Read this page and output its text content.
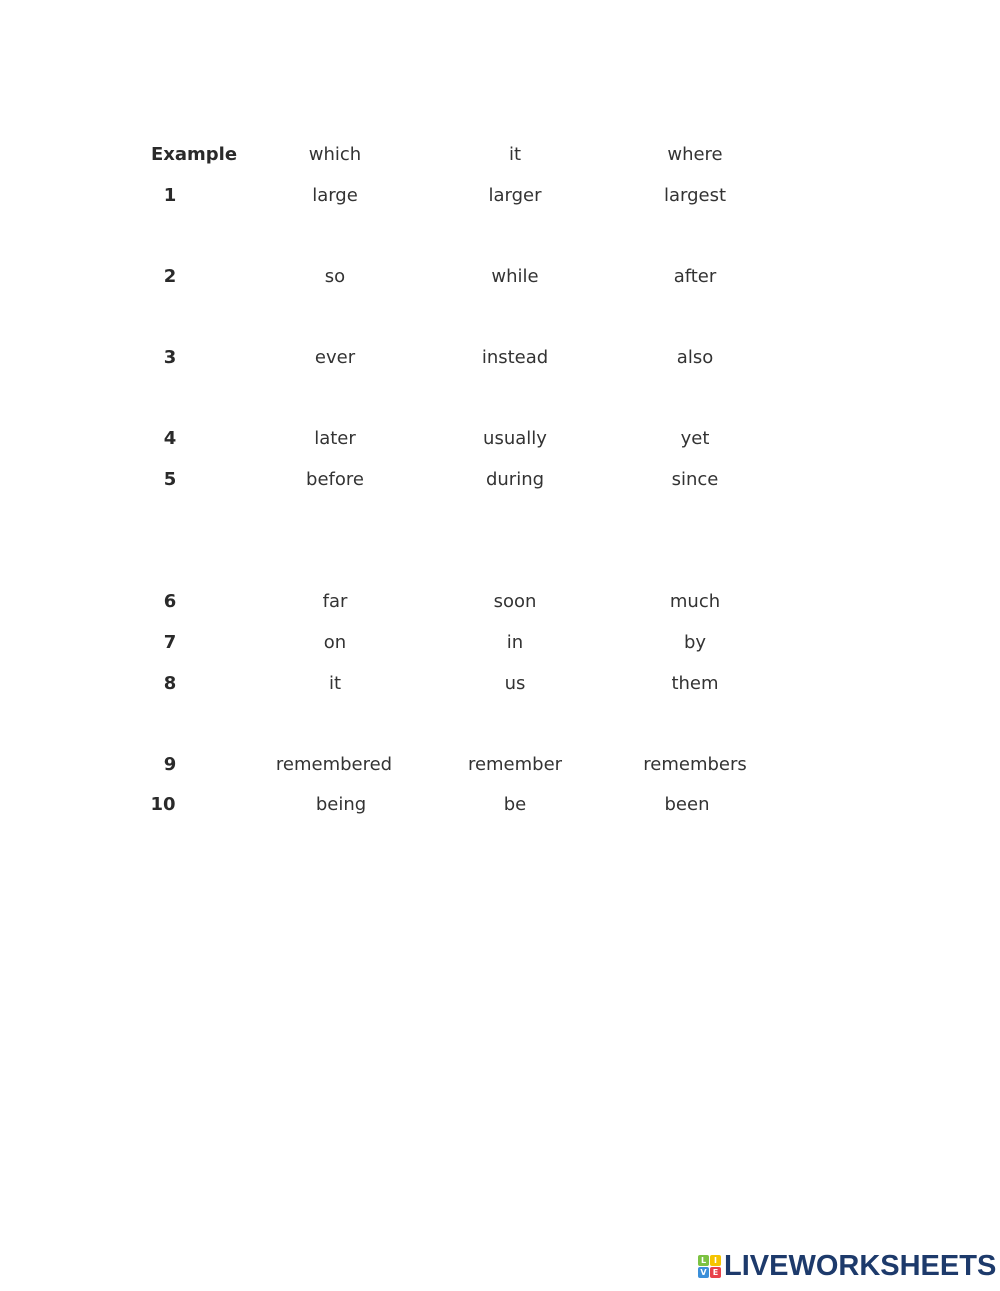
Example	which	it	where
1	large	larger	largest
2	so	while	after
3	ever	instead	also
4	later	usually	yet
5	before	during	since
6	far	soon	much
7	on	in	by
8	it	us	them
9	remembered	remember	remembers
10	being	be	been
L I
V E LIVEWORKSHEETS
